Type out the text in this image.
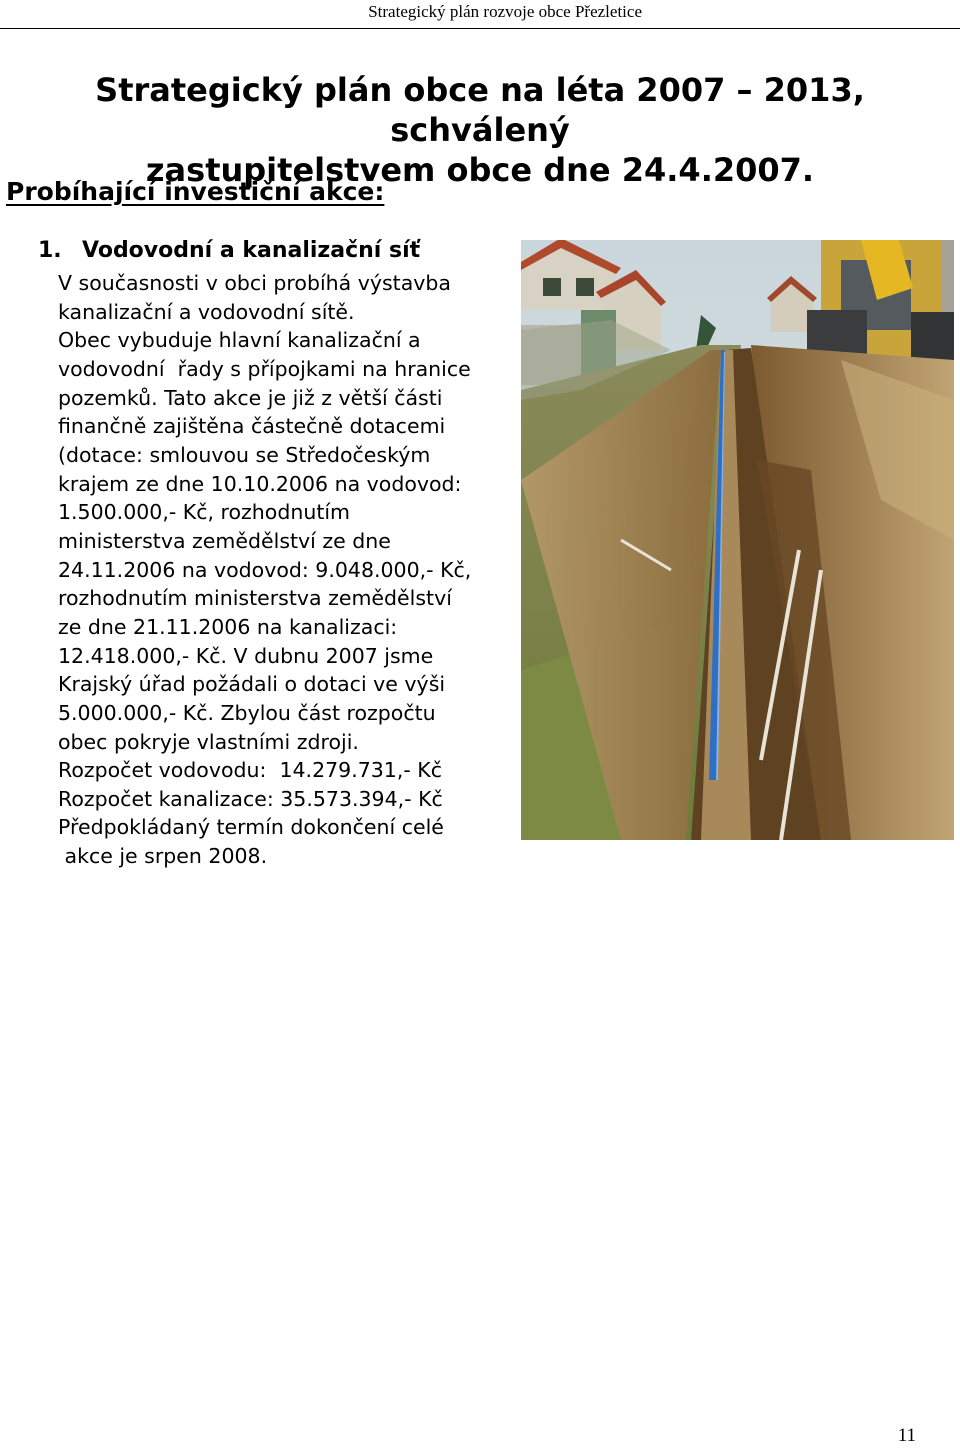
Strategický plán rozvoje obce Přezletice
Strategický plán obce na léta 2007 – 2013, schválený
zastupitelstvem obce dne 24.4.2007.
Probíhající investiční akce:
1. Vodovodní a kanalizační síť
V současnosti v obci probíhá výstavba
kanalizační a vodovodní sítě.
Obec vybuduje hlavní kanalizační a
vodovodní  řady s přípojkami na hranice
pozemků. Tato akce je již z větší části
finančně zajištěna částečně dotacemi
(dotace: smlouvou se Středočeským
krajem ze dne 10.10.2006 na vodovod:
1.500.000,- Kč, rozhodnutím
ministerstva zemědělství ze dne
24.11.2006 na vodovod: 9.048.000,- Kč,
rozhodnutím ministerstva zemědělství
ze dne 21.11.2006 na kanalizaci:
12.418.000,- Kč. V dubnu 2007 jsme
Krajský úřad požádali o dotaci ve výši
5.000.000,- Kč. Zbylou část rozpočtu
obec pokryje vlastními zdroji.
Rozpočet vodovodu:  14.279.731,- Kč
Rozpočet kanalizace: 35.573.394,- Kč
Předpokládaný termín dokončení celé
akce je srpen 2008.
11
